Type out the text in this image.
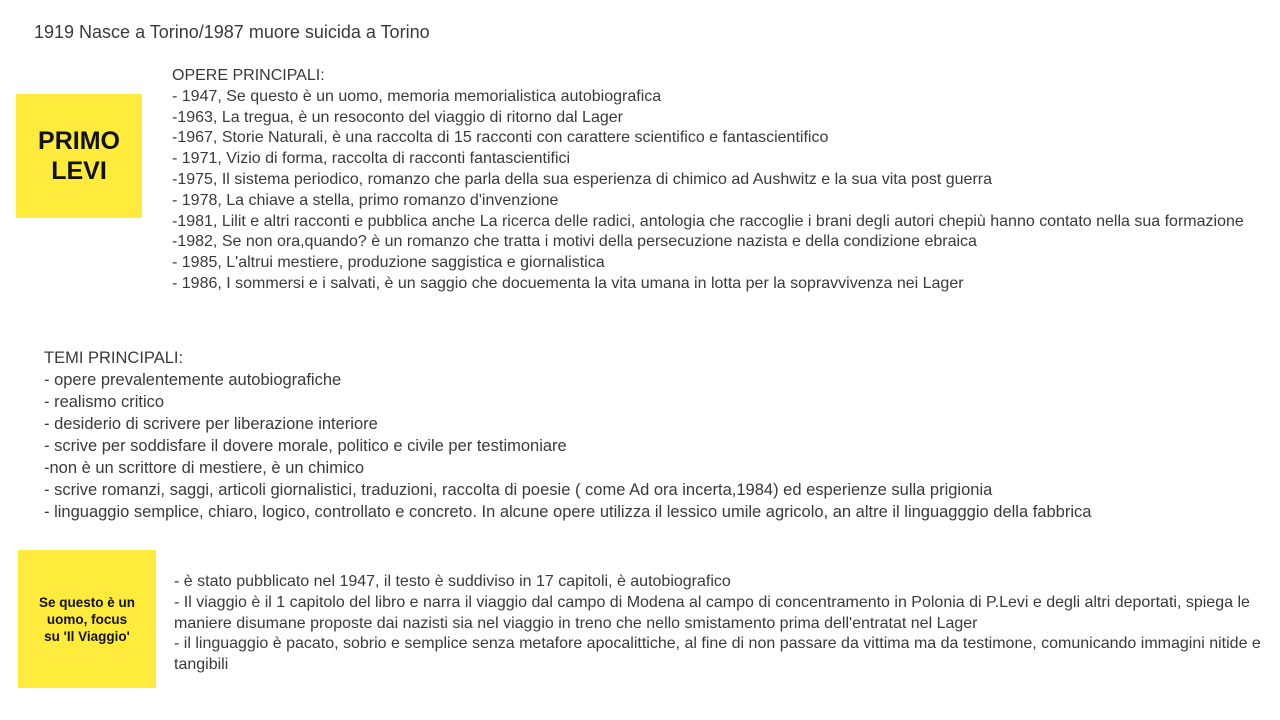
1919 Nasce a Torino/1987 muore suicida a Torino
PRIMO
LEVI
OPERE PRINCIPALI:
- 1947, Se questo è un uomo, memoria memorialistica autobiografica
-1963, La tregua, è un resoconto del viaggio di ritorno dal Lager
-1967, Storie Naturali, è una raccolta di 15 racconti con carattere scientifico e fantascientifico
- 1971, Vizio di forma, raccolta di racconti fantascientifici
-1975, Il sistema periodico, romanzo che parla della sua esperienza di chimico ad Aushwitz e la sua vita post guerra
- 1978, La chiave a stella, primo romanzo d'invenzione
-1981, Lilit e altri racconti e pubblica anche La ricerca delle radici, antologia che raccoglie i brani degli autori chepiù hanno contato nella sua formazione
-1982, Se non ora,quando? è un romanzo che tratta i motivi della persecuzione nazista e della condizione ebraica
- 1985, L'altrui mestiere, produzione saggistica e giornalistica
- 1986, I sommersi e i salvati, è un saggio che docuementa la vita umana in lotta per la sopravvivenza nei Lager
TEMI PRINCIPALI:
- opere prevalentemente autobiografiche
- realismo critico
- desiderio di scrivere per liberazione interiore
- scrive per soddisfare il dovere morale, politico e civile per testimoniare
-non è un scrittore di mestiere, è un chimico
- scrive romanzi, saggi, articoli giornalistici, traduzioni, raccolta di poesie ( come Ad ora incerta,1984) ed esperienze sulla prigionia
- linguaggio semplice, chiaro, logico, controllato e concreto. In alcune opere utilizza il lessico umile agricolo, an altre il linguagggio della fabbrica
Se questo è un
uomo, focus
su 'Il Viaggio'
- è stato pubblicato nel 1947, il testo è suddiviso in 17 capitoli, è autobiografico
- Il viaggio è il 1 capitolo del libro e narra il viaggio dal campo di Modena al campo di concentramento in Polonia di P.Levi e degli altri deportati, spiega le maniere disumane proposte dai nazisti sia nel viaggio in treno che nello smistamento prima dell'entratat nel Lager
- il linguaggio è pacato, sobrio e semplice senza metafore apocalittiche, al fine di non passare da vittima ma da testimone, comunicando immagini nitide e tangibili
